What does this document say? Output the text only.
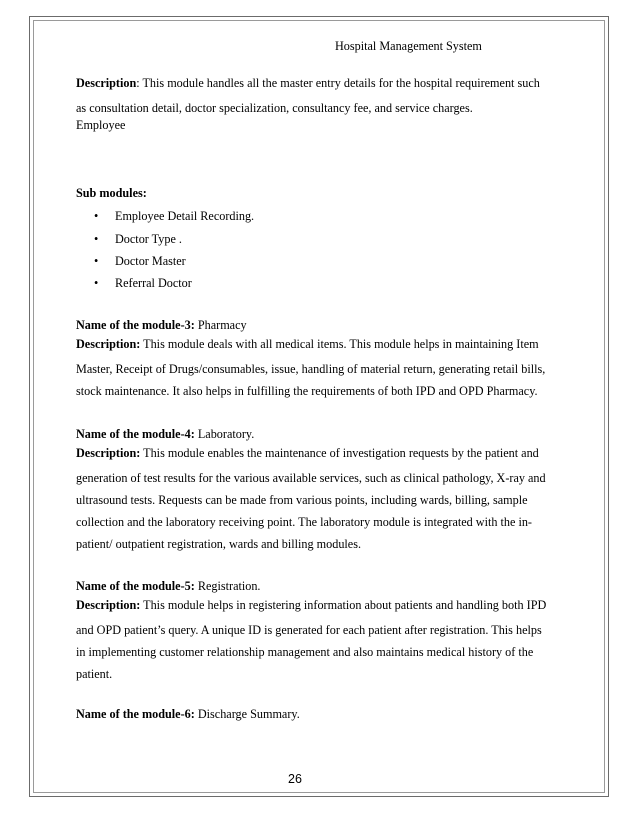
Hospital Management System
Description: This module handles all the master entry details for the hospital requirement such
as consultation detail, doctor specialization, consultancy fee, and service charges.
Employee
Sub modules:
• Employee Detail Recording.
• Doctor Type .
• Doctor Master
• Referral Doctor
Name of the module-3: Pharmacy
Description: This module deals with all medical items. This module helps in maintaining Item
Master, Receipt of Drugs/consumables, issue, handling of material return, generating retail bills,
stock maintenance. It also helps in fulfilling the requirements of both IPD and OPD Pharmacy.
Name of the module-4: Laboratory.
Description: This module enables the maintenance of investigation requests by the patient and
generation of test results for the various available services, such as clinical pathology, X-ray and
ultrasound tests. Requests can be made from various points, including wards, billing, sample
collection and the laboratory receiving point. The laboratory module is integrated with the in-
patient/ outpatient registration, wards and billing modules.
Name of the module-5: Registration.
Description: This module helps in registering information about patients and handling both IPD
and OPD patient’s query. A unique ID is generated for each patient after registration. This helps
in implementing customer relationship management and also maintains medical history of the
patient.
Name of the module-6: Discharge Summary.
26
